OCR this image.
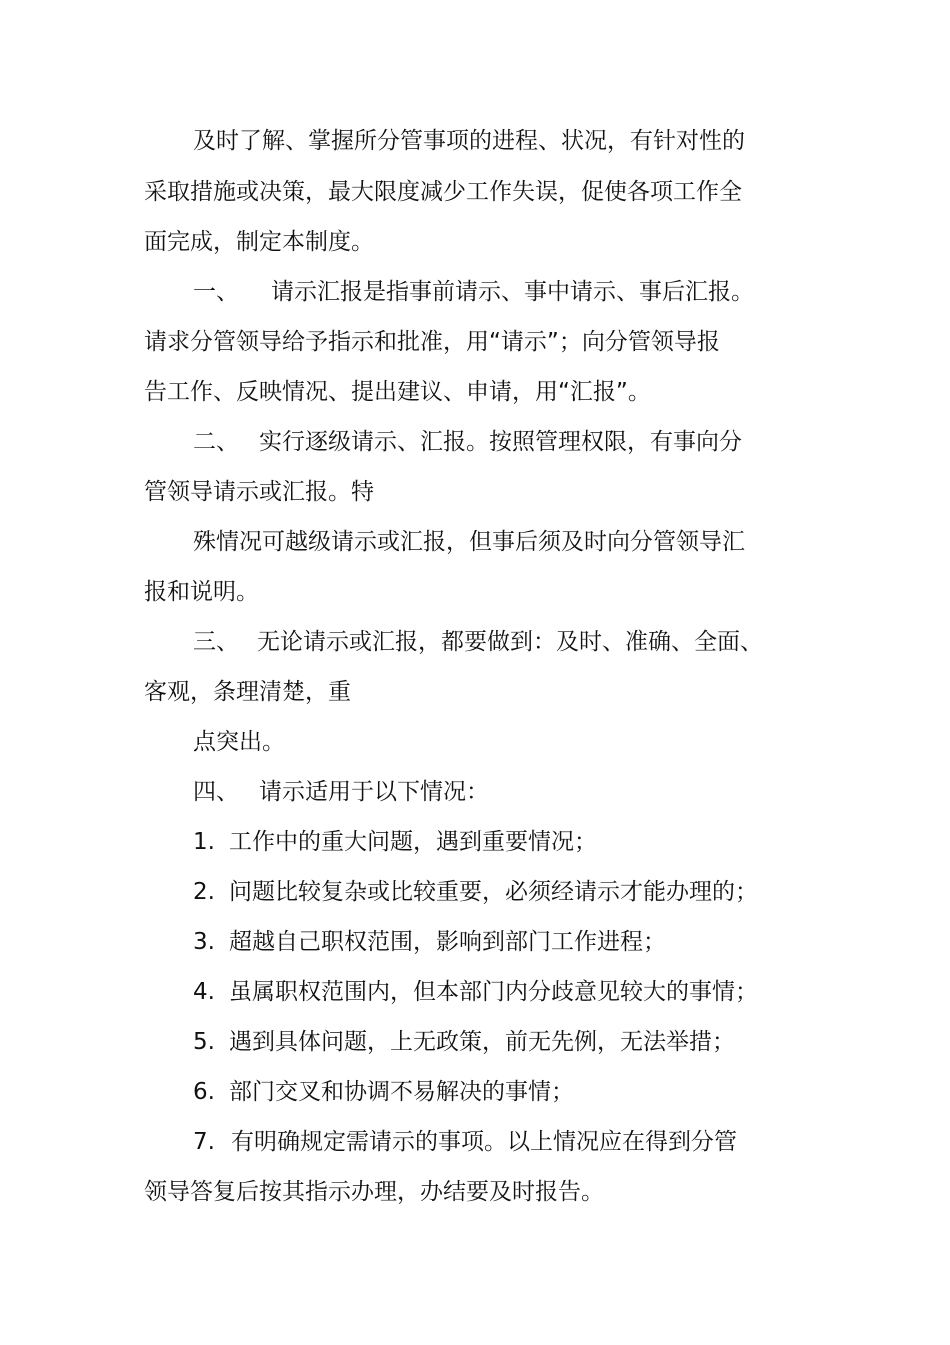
及时了解、掌握所分管事项的进程、状况，有针对性的
采取措施或决策，最大限度减少工作失误，促使各项工作全
面完成，制定本制度。
一、 请示汇报是指事前请示、事中请示、事后汇报。
请求分管领导给予指示和批准，用“请示”；向分管领导报
告工作、反映情况、提出建议、申请，用“汇报”。
二、 实行逐级请示、汇报。按照管理权限，有事向分
管领导请示或汇报。特
殊情况可越级请示或汇报，但事后须及时向分管领导汇
报和说明。
三、 无论请示或汇报，都要做到：及时、准确、全面、
客观，条理清楚，重
点突出。
四、 请示适用于以下情况：
1. 工作中的重大问题，遇到重要情况；
2. 问题比较复杂或比较重要，必须经请示才能办理的；
3. 超越自己职权范围，影响到部门工作进程；
4. 虽属职权范围内，但本部门内分歧意见较大的事情；
5. 遇到具体问题，上无政策，前无先例，无法举措；
6. 部门交叉和协调不易解决的事情；
7. 有明确规定需请示的事项。以上情况应在得到分管
领导答复后按其指示办理，办结要及时报告。
